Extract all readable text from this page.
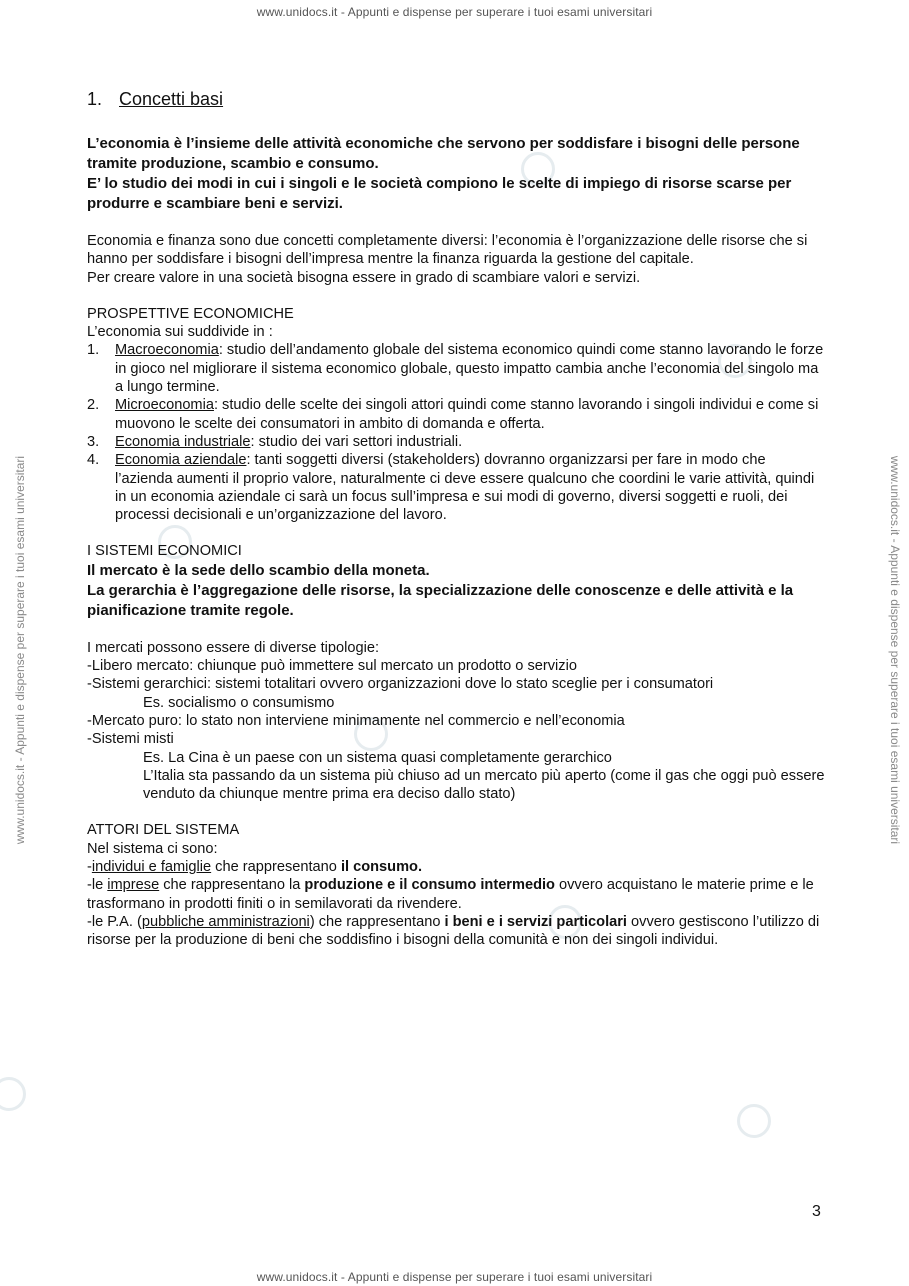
www.unidocs.it - Appunti e dispense per superare i tuoi esami universitari
www.unidocs.it - Appunti e dispense per superare i tuoi esami universitari
www.unidocs.it - Appunti e dispense per superare i tuoi esami universitari	www.unidocs.it - Appunti e dispense per superare i tuoi esami universitari
1. Concetti basi

L’economia è l’insieme delle attività economiche che servono per soddisfare i bisogni delle persone tramite produzione, scambio e consumo.

E’ lo studio dei modi in cui i singoli e le società compiono le scelte di impiego di risorse scarse per produrre e scambiare beni e servizi.

Economia e finanza sono due concetti completamente diversi: l’economia è l’organizzazione delle risorse che si hanno per soddisfare i bisogni dell’impresa mentre la finanza riguarda la gestione del capitale.

Per creare valore in una società bisogna essere in grado di scambiare valori e servizi.

PROSPETTIVE ECONOMICHE

L’economia sui suddivide in :

1. Macroeconomia: studio dell’andamento globale del sistema economico quindi come stanno lavorando le forze in gioco nel migliorare il sistema economico globale, questo impatto cambia anche l’economia del singolo ma a lungo termine.
2. Microeconomia: studio delle scelte dei singoli attori quindi come stanno lavorando i singoli individui e come si muovono le scelte dei consumatori in ambito di domanda e offerta.
3. Economia industriale: studio dei vari settori industriali.
4. Economia aziendale: tanti soggetti diversi (stakeholders) dovranno organizzarsi per fare in modo che l’azienda aumenti il proprio valore, naturalmente ci deve essere qualcuno che coordini le varie attività, quindi in un economia aziendale ci sarà un focus sull’impresa e sui modi di governo, diversi soggetti e ruoli, dei processi decisionali e un’organizzazione del lavoro.

I SISTEMI ECONOMICI

Il mercato è la sede dello scambio della moneta.

La gerarchia è l’aggregazione delle risorse, la specializzazione delle conoscenze e delle attività e la pianificazione tramite regole.

I mercati possono essere di diverse tipologie:

-Libero mercato: chiunque può immettere sul mercato un prodotto o servizio

-Sistemi gerarchici: sistemi totalitari ovvero organizzazioni dove lo stato sceglie per i consumatori

Es. socialismo o consumismo

-Mercato puro: lo stato non interviene minimamente nel commercio e nell’economia

-Sistemi misti

Es. La Cina è un paese con un sistema quasi completamente gerarchico

L’Italia sta passando da un sistema più chiuso ad un mercato più aperto (come il gas che oggi può essere venduto da chiunque mentre prima era deciso dallo stato)

ATTORI DEL SISTEMA

Nel sistema ci sono:

-individui e famiglie che rappresentano il consumo.

-le imprese che rappresentano la produzione e il consumo intermedio ovvero acquistano le materie prime e le trasformano in prodotti finiti o in semilavorati da rivendere.

-le P.A. (pubbliche amministrazioni) che rappresentano i beni e i servizi particolari ovvero gestiscono l’utilizzo di risorse per la produzione di beni che soddisfino i bisogni della comunità e non dei singoli individui.

3
